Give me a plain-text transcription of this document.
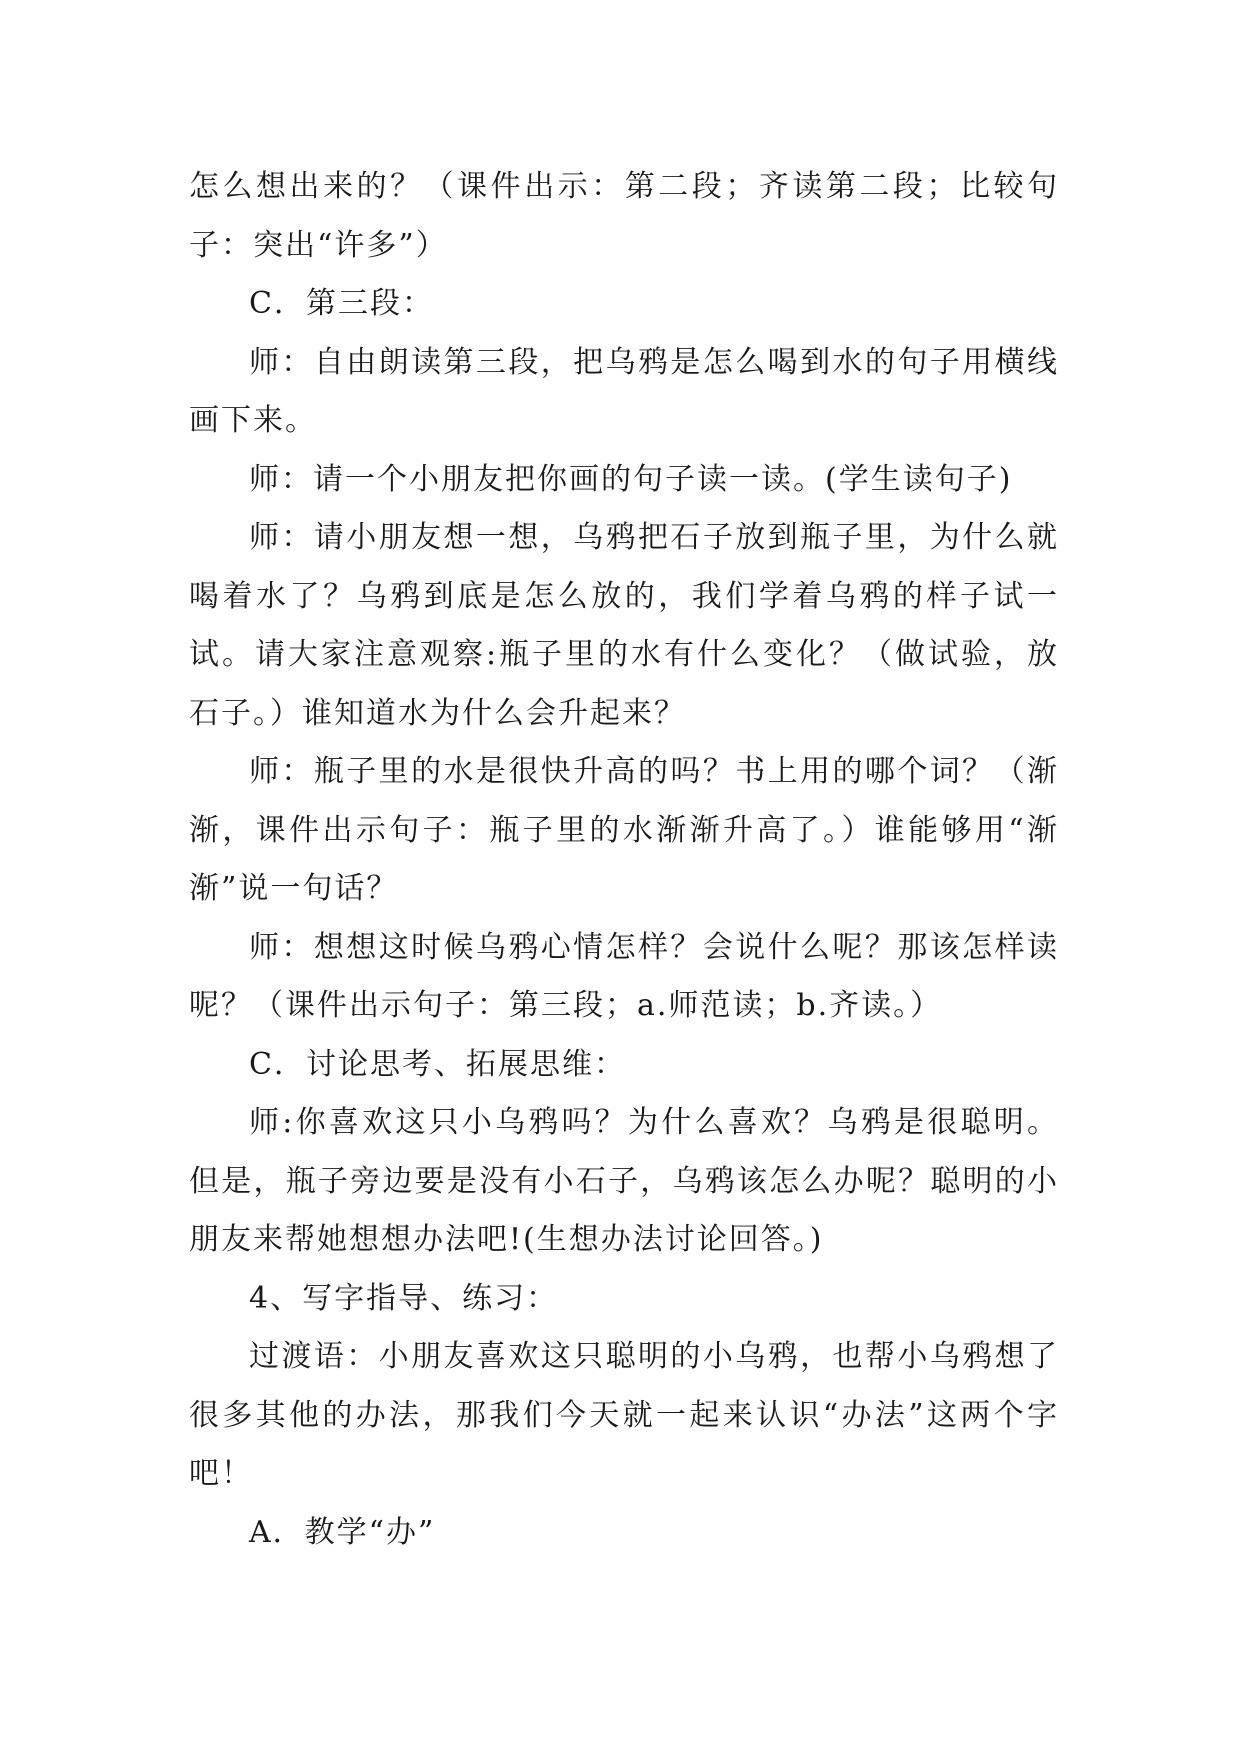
怎么想出来的？（课件出示：第二段；齐读第二段；比较句子：突出“许多”）

C．第三段：

师：自由朗读第三段，把乌鸦是怎么喝到水的句子用横线画下来。

师：请一个小朋友把你画的句子读一读。(学生读句子)

师：请小朋友想一想，乌鸦把石子放到瓶子里，为什么就喝着水了？乌鸦到底是怎么放的，我们学着乌鸦的样子试一试。请大家注意观察:瓶子里的水有什么变化？（做试验，放石子。）谁知道水为什么会升起来？

师：瓶子里的水是很快升高的吗？书上用的哪个词？（渐渐，课件出示句子：瓶子里的水渐渐升高了。）谁能够用“渐渐”说一句话？

师：想想这时候乌鸦心情怎样？会说什么呢？那该怎样读呢？（课件出示句子：第三段；a.师范读；b.齐读。）

C．讨论思考、拓展思维：

师:你喜欢这只小乌鸦吗？为什么喜欢？乌鸦是很聪明。但是，瓶子旁边要是没有小石子，乌鸦该怎么办呢？聪明的小朋友来帮她想想办法吧!(生想办法讨论回答。)

4、写字指导、练习：

过渡语：小朋友喜欢这只聪明的小乌鸦，也帮小乌鸦想了很多其他的办法，那我们今天就一起来认识“办法”这两个字吧！

A．教学“办”
